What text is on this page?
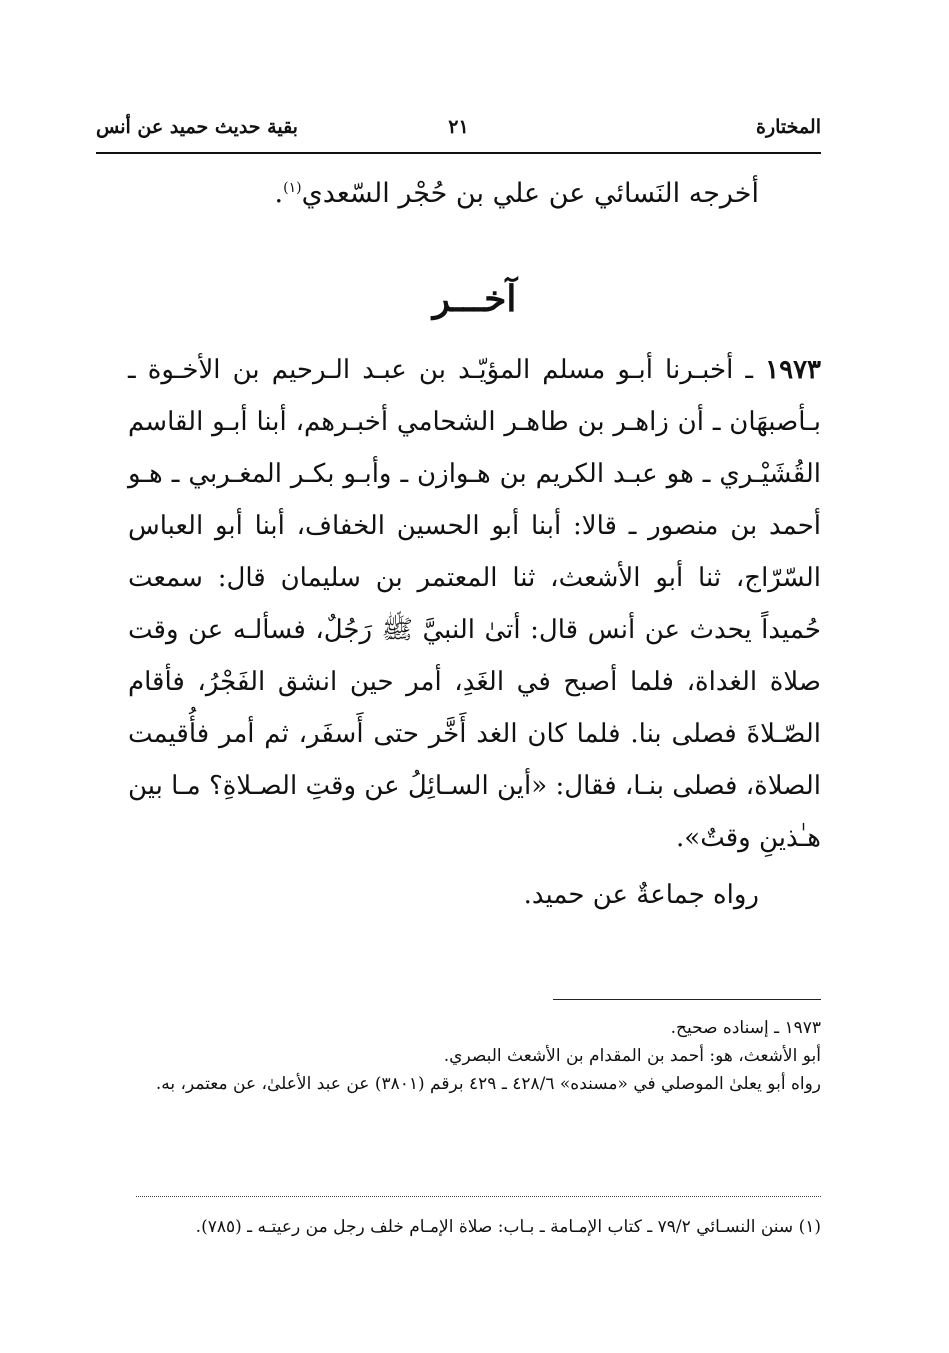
المختارة
٢١
بقية حديث حميد عن أنس
أخرجه النَسائي عن علي بن حُجْر السّعدي$^{(١)}$.
آخـــر
١٩٧٣ ـ أخبـرنا أبـو مسلم المؤيّـد بن عبـد الـرحيم بن الأخـوة ـ بـأصبهَان ـ أن زاهـر بن طاهـر الشحامي أخبـرهم، أبنا أبـو القاسم القُشَيْـري ـ هو عبـد الكريم بن هـوازن ـ وأبـو بكـر المغـربي ـ هـو أحمد بن منصور ـ قالا: أبنا أبو الحسين الخفاف، أبنا أبو العباس السّرّاج، ثنا أبو الأشعث، ثنا المعتمر بن سليمان قال: سمعت حُميداً يحدث عن أنس قال: أتىٰ النبيَّ ﷺ رَجُلٌ، فسألـه عن وقت صلاة الغداة، فلما أصبح في الغَدِ، أمر حين انشق الفَجْرُ، فأقام الصّـلاةَ فصلى بنا. فلما كان الغد أَخَّر حتى أَسفَر، ثم أمر فأُقيمت الصلاة، فصلى بنـا، فقال: «أين السـائِلُ عن وقتِ الصـلاةِ؟ مـا بين هـٰذينِ وقتٌ».
رواه جماعةٌ عن حميد.

١٩٧٣ ـ إسناده صحيح.

أبو الأشعث، هو: أحمد بن المقدام بن الأشعث البصري.

رواه أبو يعلىٰ الموصلي في «مسنده» ٤٢٨/٦ ـ ٤٢٩ برقم (٣٨٠١) عن عبد الأعلىٰ، عن معتمر، به.

(١) سنن النسـائي ٧٩/٢ ـ كتاب الإمـامة ـ بـاب: صلاة الإمـام خلف رجل من رعيتـه ـ (٧٨٥).
